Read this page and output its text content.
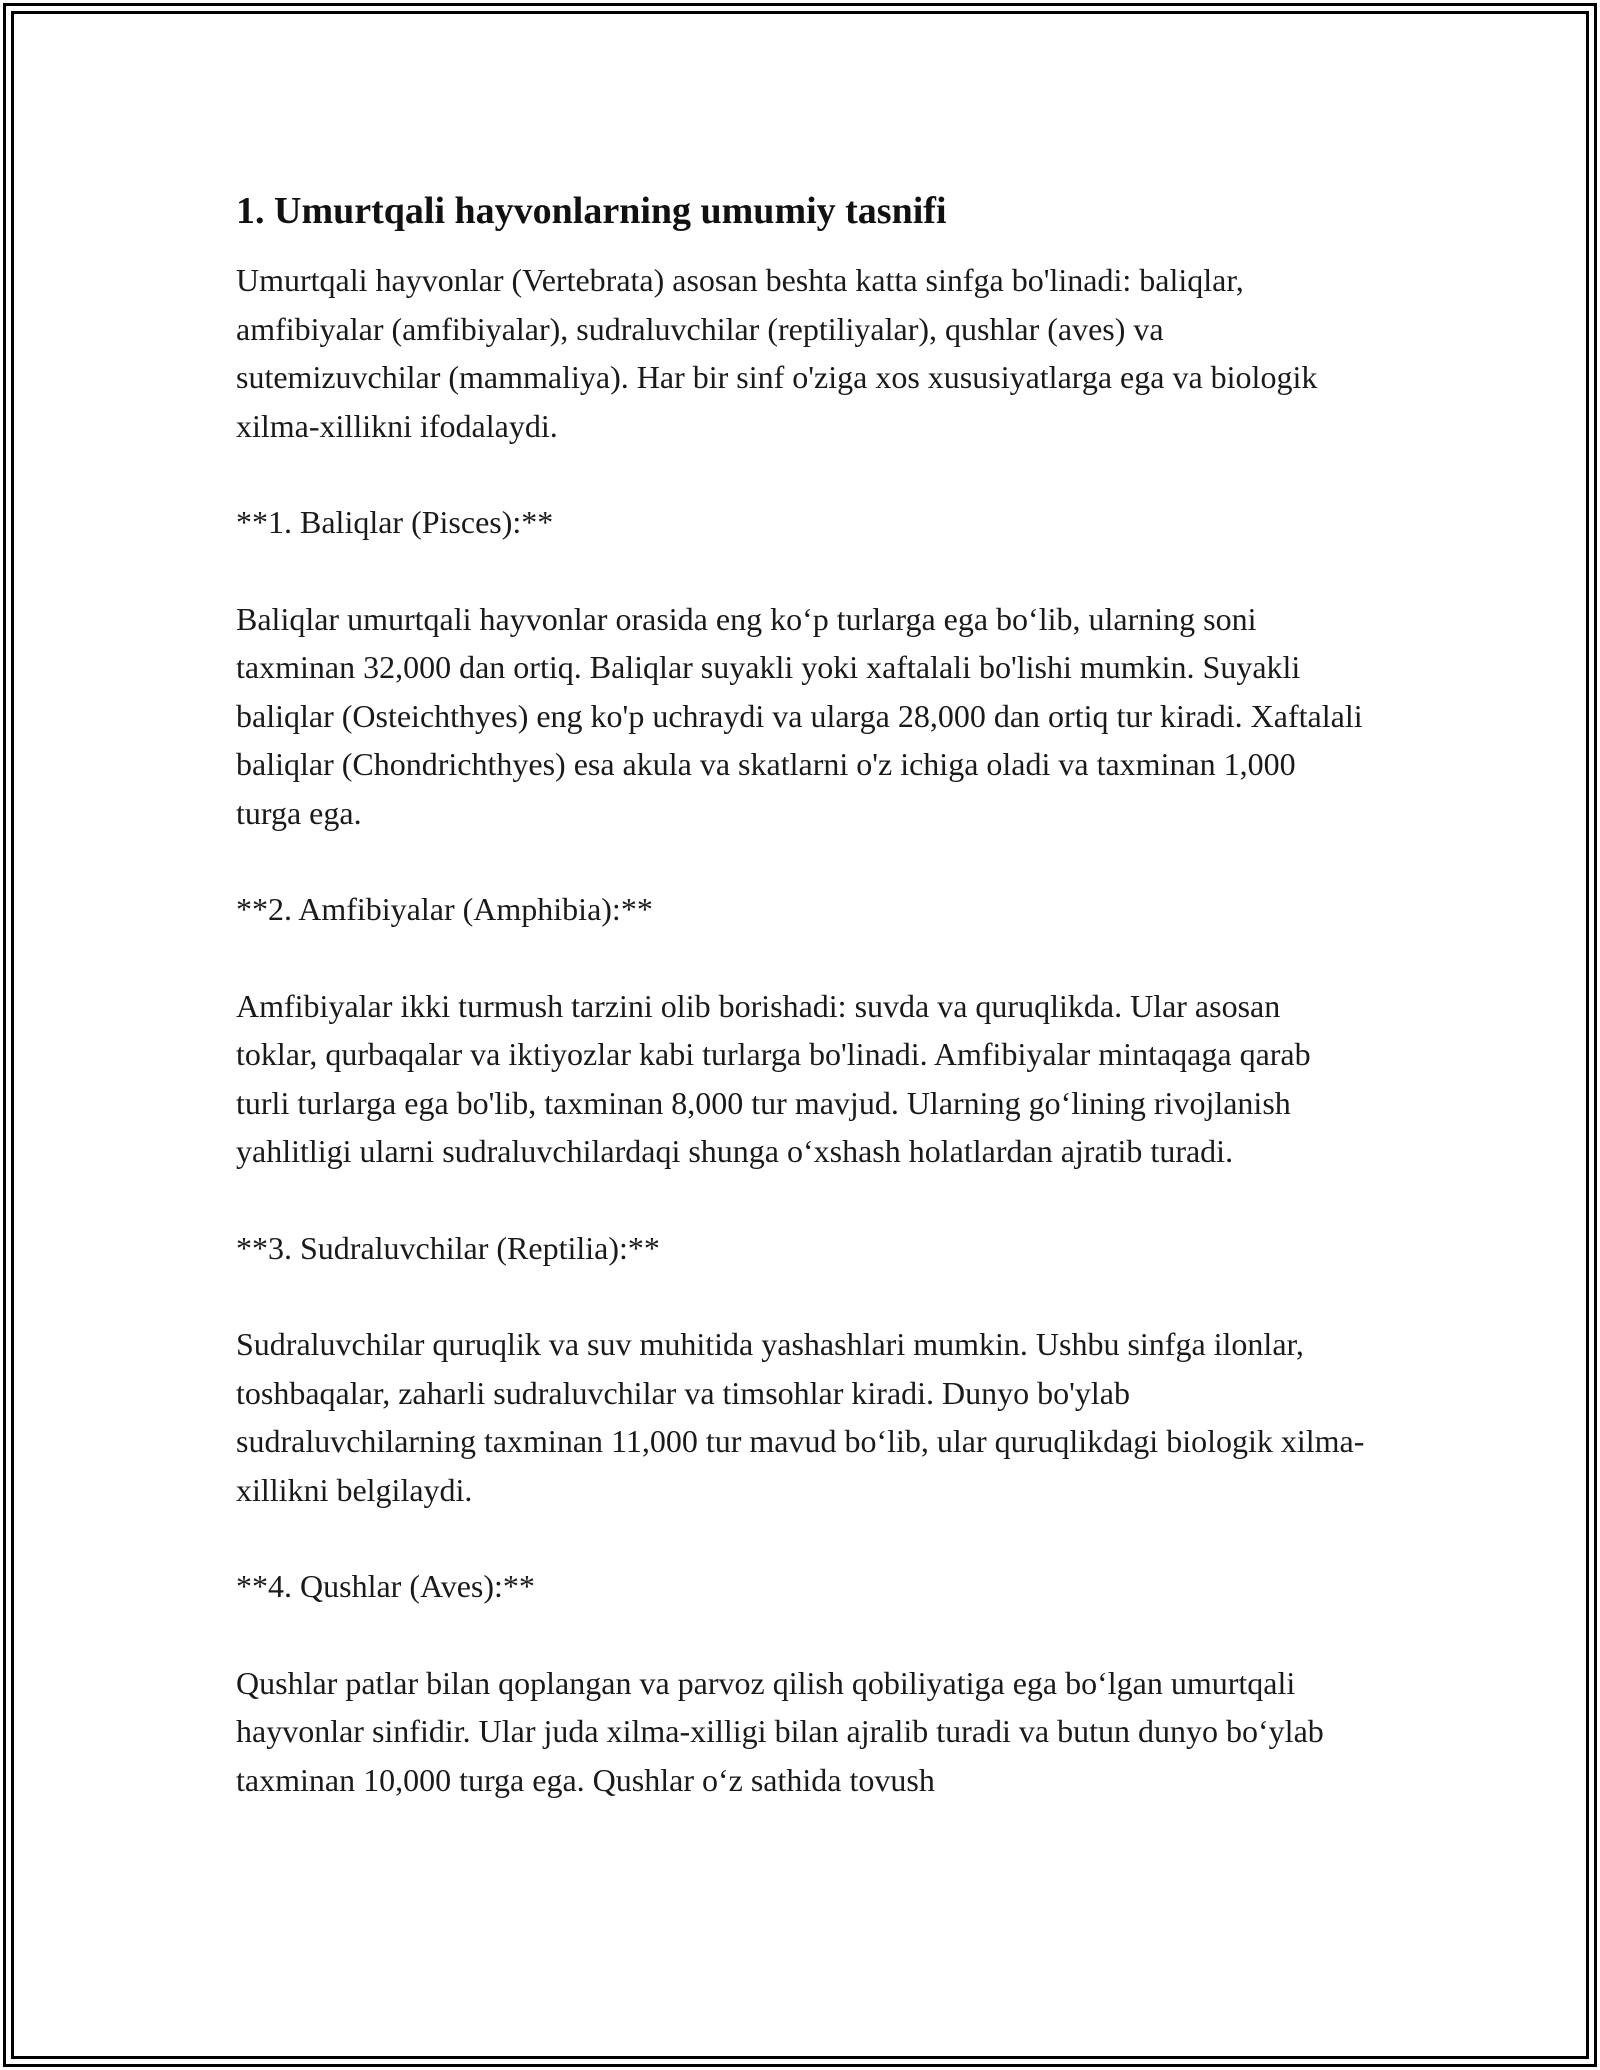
1. Umurtqali hayvonlarning umumiy tasnifi

Umurtqali hayvonlar (Vertebrata) asosan beshta katta sinfga bo'linadi: baliqlar, amfibiyalar (amfibiyalar), sudraluvchilar (reptiliyalar), qushlar (aves) va sutemizuvchilar (mammaliya). Har bir sinf o'ziga xos xususiyatlarga ega va biologik xilma-xillikni ifodalaydi.

**1. Baliqlar (Pisces):**

Baliqlar umurtqali hayvonlar orasida eng koʻp turlarga ega boʻlib, ularning soni taxminan 32,000 dan ortiq. Baliqlar suyakli yoki xaftalali bo'lishi mumkin. Suyakli baliqlar (Osteichthyes) eng ko'p uchraydi va ularga 28,000 dan ortiq tur kiradi. Xaftalali baliqlar (Chondrichthyes) esa akula va skatlarni o'z ichiga oladi va taxminan 1,000 turga ega.

**2. Amfibiyalar (Amphibia):**

Amfibiyalar ikki turmush tarzini olib borishadi: suvda va quruqlikda. Ular asosan toklar, qurbaqalar va iktiyozlar kabi turlarga bo'linadi. Amfibiyalar mintaqaga qarab turli turlarga ega bo'lib, taxminan 8,000 tur mavjud. Ularning goʻlining rivojlanish yahlitligi ularni sudraluvchilardaqi shunga oʻxshash holatlardan ajratib turadi.

**3. Sudraluvchilar (Reptilia):**

Sudraluvchilar quruqlik va suv muhitida yashashlari mumkin. Ushbu sinfga ilonlar, toshbaqalar, zaharli sudraluvchilar va timsohlar kiradi. Dunyo bo'ylab sudraluvchilarning taxminan 11,000 tur mavud boʻlib, ular quruqlikdagi biologik xilma-xillikni belgilaydi.

**4. Qushlar (Aves):**

Qushlar patlar bilan qoplangan va parvoz qilish qobiliyatiga ega boʻlgan umurtqali hayvonlar sinfidir. Ular juda xilma-xilligi bilan ajralib turadi va butun dunyo boʻylab taxminan 10,000 turga ega. Qushlar oʻz sathida tovush
